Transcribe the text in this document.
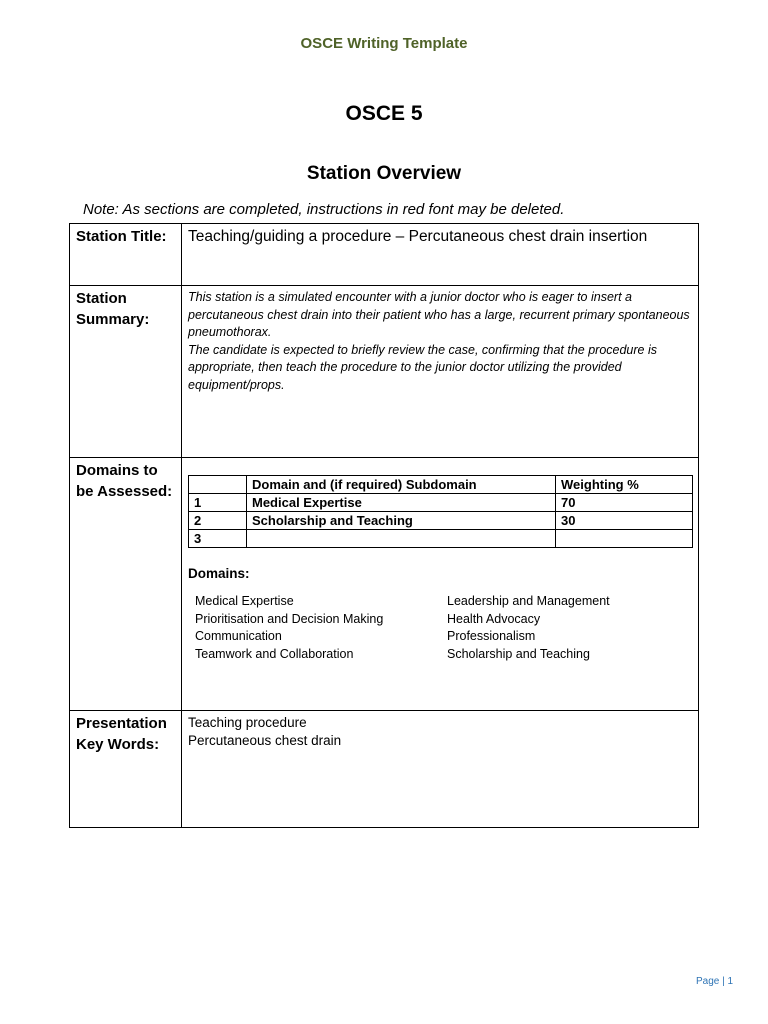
OSCE Writing Template
OSCE 5
Station Overview
Note: As sections are completed, instructions in red font may be deleted.
Station Title:	Teaching/guiding a procedure – Percutaneous chest drain insertion

Station
Summary:

This station is a simulated encounter with a junior doctor who is eager to insert a percutaneous chest drain into their patient who has a large, recurrent primary spontaneous pneumothorax.

The candidate is expected to briefly review the case, confirming that the procedure is appropriate, then teach the procedure to the junior doctor utilizing the provided equipment/props.

Domains to
be Assessed:

		Domain and (if required) Subdomain	Weighting %
1	Medical Expertise	70
2	Scholarship and Teaching	30
3		
Domains:
Medical Expertise	Leadership and Management
Prioritisation and Decision Making	Health Advocacy
Communication	Professionalism
Teamwork and Collaboration	Scholarship and Teaching

Presentation
Key Words:

Teaching procedure
Percutaneous chest drain
Page | 1
